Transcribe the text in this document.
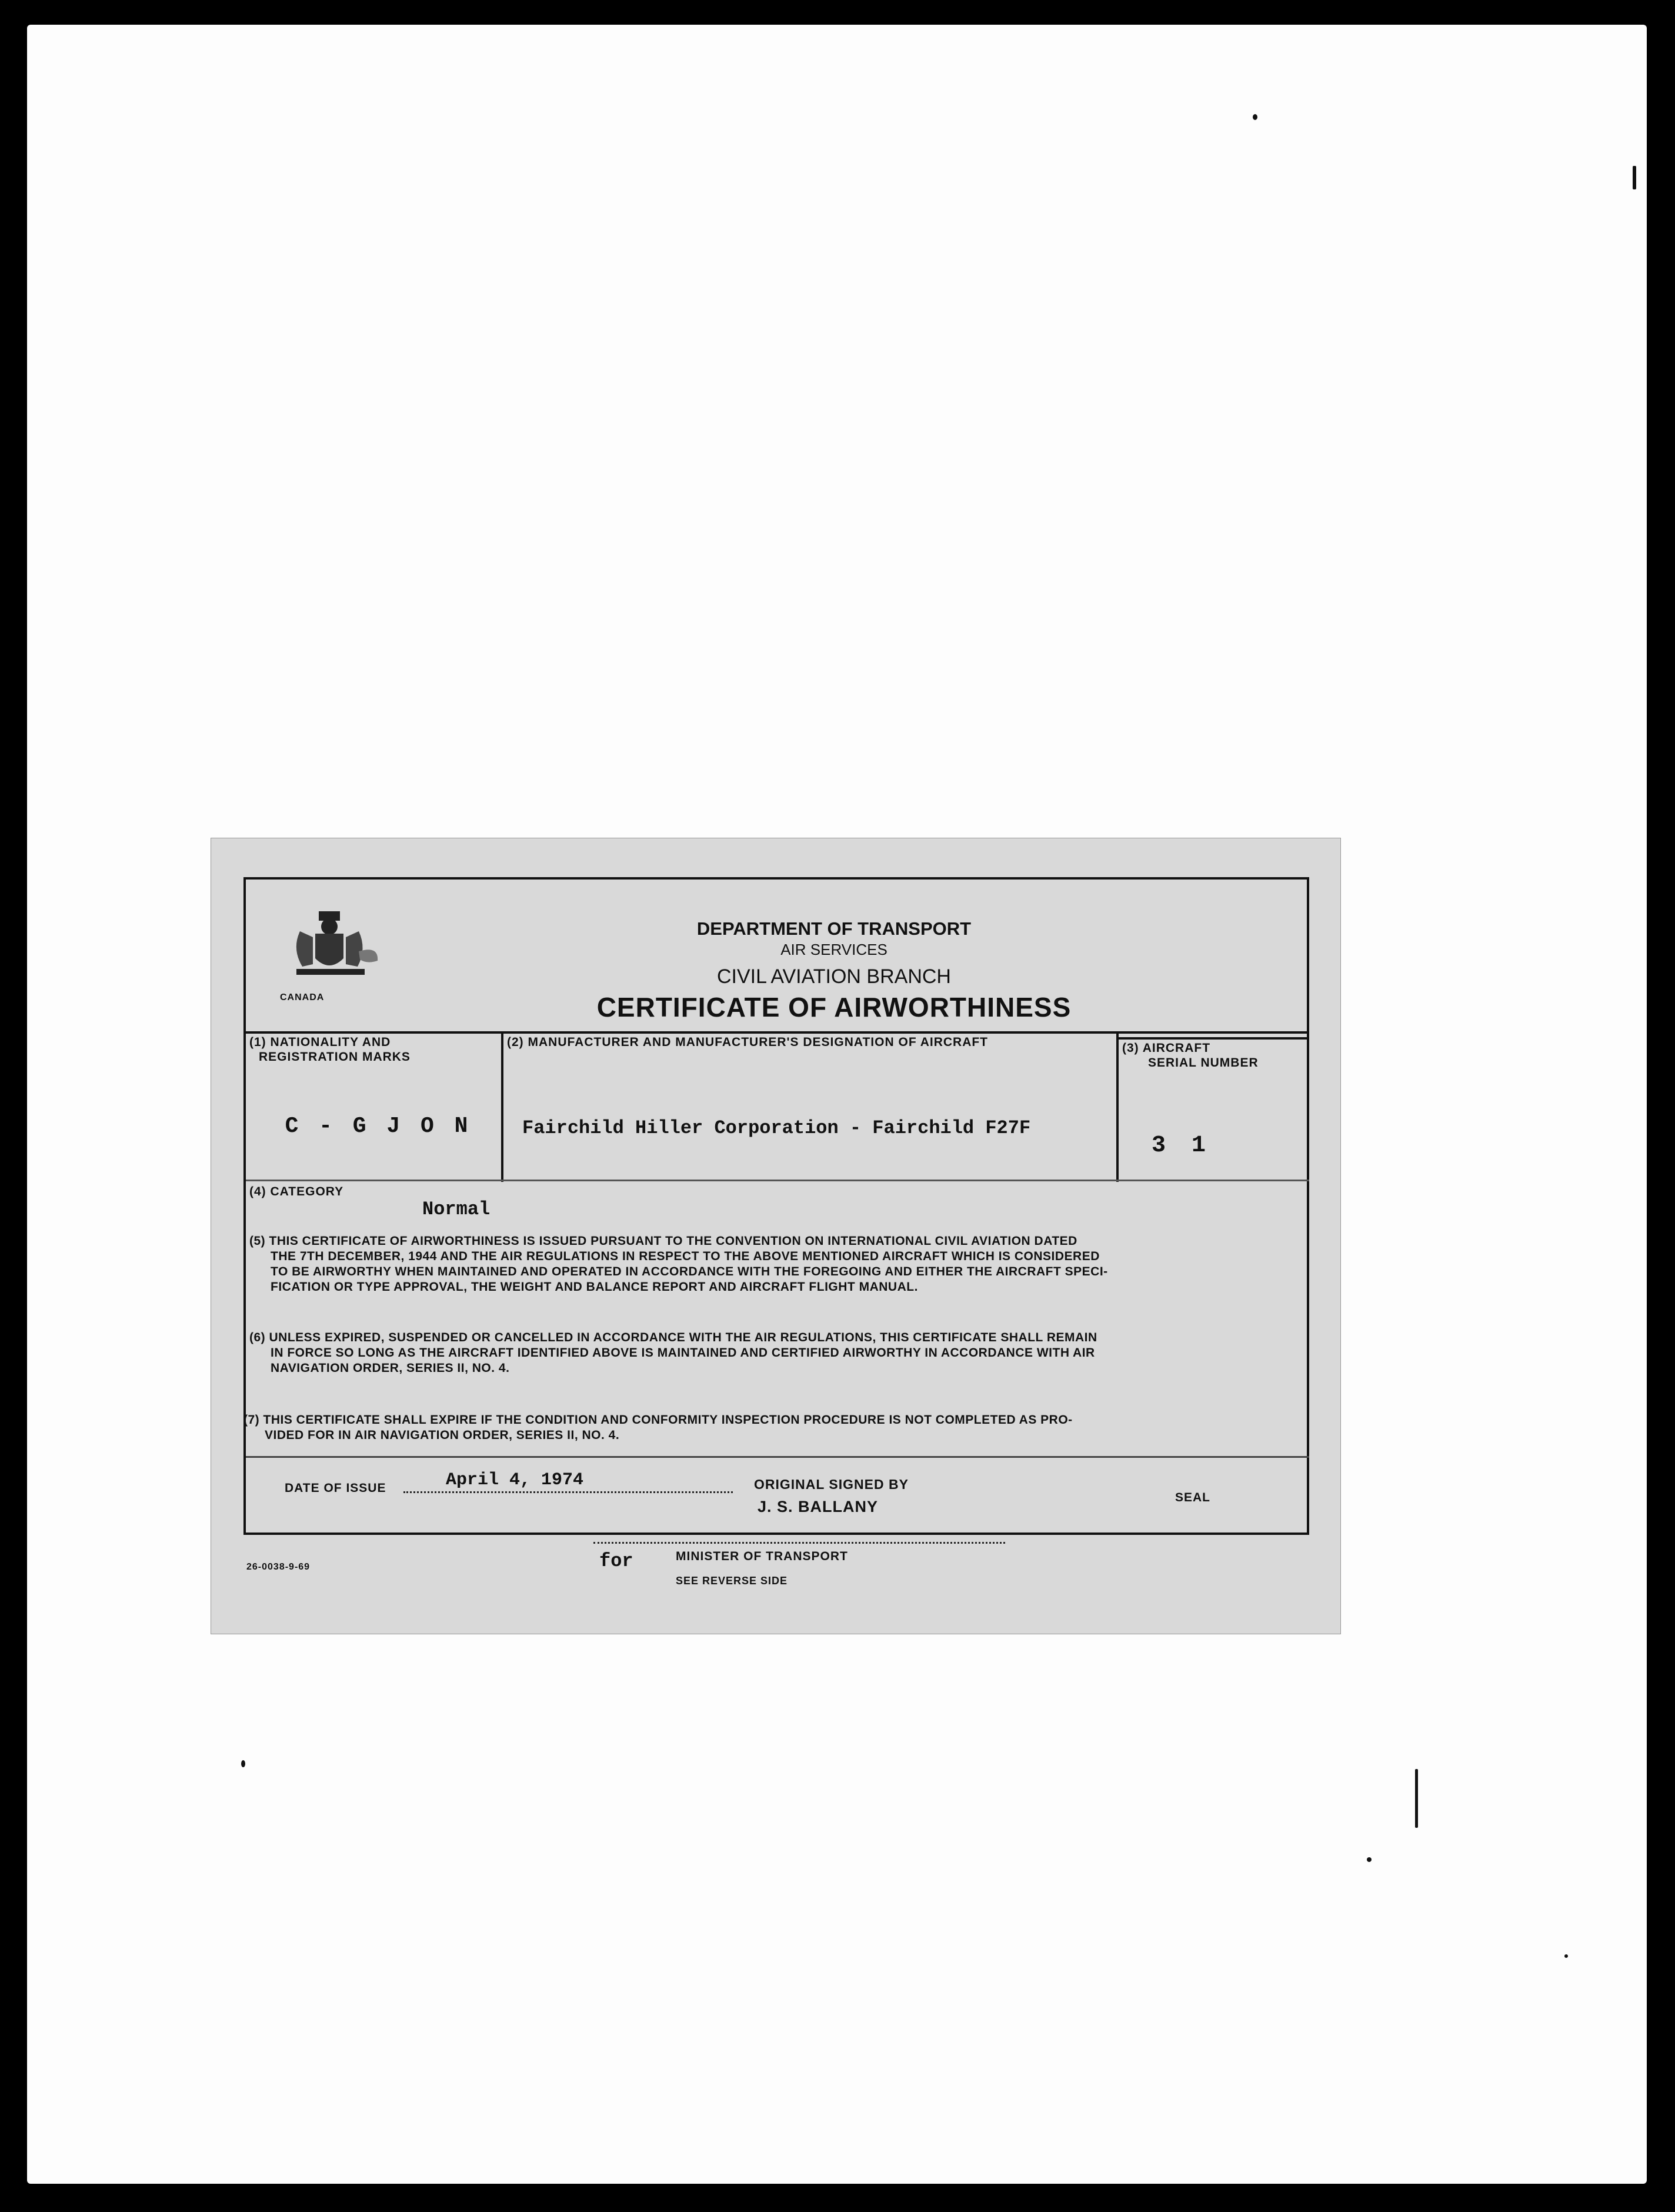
CANADA
DEPARTMENT OF TRANSPORT
AIR SERVICES
CIVIL AVIATION BRANCH
CERTIFICATE OF AIRWORTHINESS
(1) NATIONALITY AND
REGISTRATION MARKS
C - G J O N
(2) MANUFACTURER AND MANUFACTURER'S DESIGNATION OF AIRCRAFT
Fairchild Hiller Corporation - Fairchild F27F
(3) AIRCRAFT
SERIAL NUMBER
3 1
(4) CATEGORY
Normal
(5) THIS CERTIFICATE OF AIRWORTHINESS IS ISSUED PURSUANT TO THE CONVENTION ON INTERNATIONAL CIVIL AVIATION DATED
THE 7TH DECEMBER, 1944 AND THE AIR REGULATIONS IN RESPECT TO THE ABOVE MENTIONED AIRCRAFT WHICH IS CONSIDERED
TO BE AIRWORTHY WHEN MAINTAINED AND OPERATED IN ACCORDANCE WITH THE FOREGOING AND EITHER THE AIRCRAFT SPECI-
FICATION OR TYPE APPROVAL, THE WEIGHT AND BALANCE REPORT AND AIRCRAFT FLIGHT MANUAL.
(6) UNLESS EXPIRED, SUSPENDED OR CANCELLED IN ACCORDANCE WITH THE AIR REGULATIONS, THIS CERTIFICATE SHALL REMAIN
IN FORCE SO LONG AS THE AIRCRAFT IDENTIFIED ABOVE IS MAINTAINED AND CERTIFIED AIRWORTHY IN ACCORDANCE WITH AIR
NAVIGATION ORDER, SERIES II, NO. 4.
(7) THIS CERTIFICATE SHALL EXPIRE IF THE CONDITION AND CONFORMITY INSPECTION PROCEDURE IS NOT COMPLETED AS PRO-
VIDED FOR IN AIR NAVIGATION ORDER, SERIES II, NO. 4.
DATE OF ISSUE	April 4, 1974	ORIGINAL SIGNED BY
J. S. BALLANY
SEAL
for	MINISTER OF TRANSPORT
26-0038-9-69
SEE REVERSE SIDE
